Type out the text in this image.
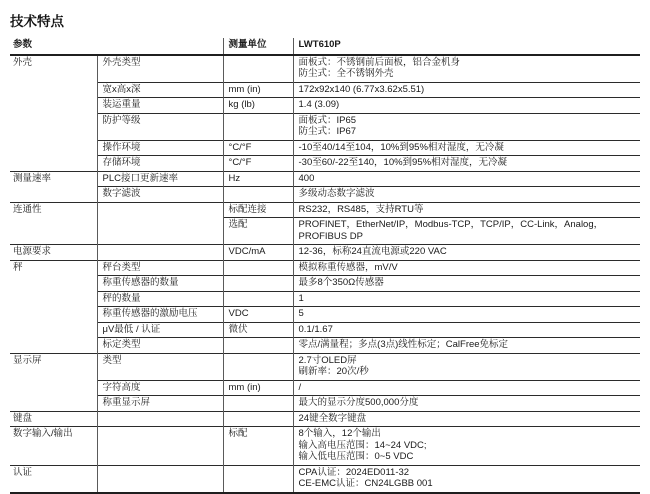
技术特点
参数		测量单位	LWT610P
外壳	外壳类型		面板式：不锈钢前后面板，铝合金机身
防尘式：全不锈钢外壳

	宽x高x深	mm (in)	172x92x140 (6.77x3.62x5.51)

	装运重量	kg (lb)	1.4 (3.09)

	防护等级		面板式：IP65
防尘式：IP67

	操作环境	°C/°F	-10至40/14至104，10%到95%相对湿度，无冷凝

	存储环境	°C/°F	-30至60/-22至140，10%到95%相对湿度，无冷凝

测量速率	PLC接口更新速率	Hz	400

	数字滤波		多级动态数字滤波

连通性		标配连接	RS232，RS485，支持RTU等

		选配	PROFINET，EtherNet/IP，Modbus-TCP，TCP/IP，CC-Link，Analog，
PROFIBUS DP

电源要求		VDC/mA	12-36，标称24直流电源或220 VAC

秤	秤台类型		模拟称重传感器，mV/V

	称重传感器的数量		最多8个350Ω传感器

	秤的数量		1

	称重传感器的激励电压	VDC	5

	μV最低 / 认证	微伏	0.1/1.67

	标定类型		零点/满量程；多点(3点)线性标定；CalFree免标定

显示屏	类型		2.7寸OLED屏
刷新率：20次/秒

	字符高度	mm (in)	/

	称重显示屏		最大的显示分度500,000分度

键盘			24键全数字键盘

数字输入/输出		标配	8个输入，12个输出
输入高电压范围：14~24 VDC;
输入低电压范围：0~5 VDC

认证			CPA认证：2024ED011-32
CE-EMC认证：CN24LGBB 001
